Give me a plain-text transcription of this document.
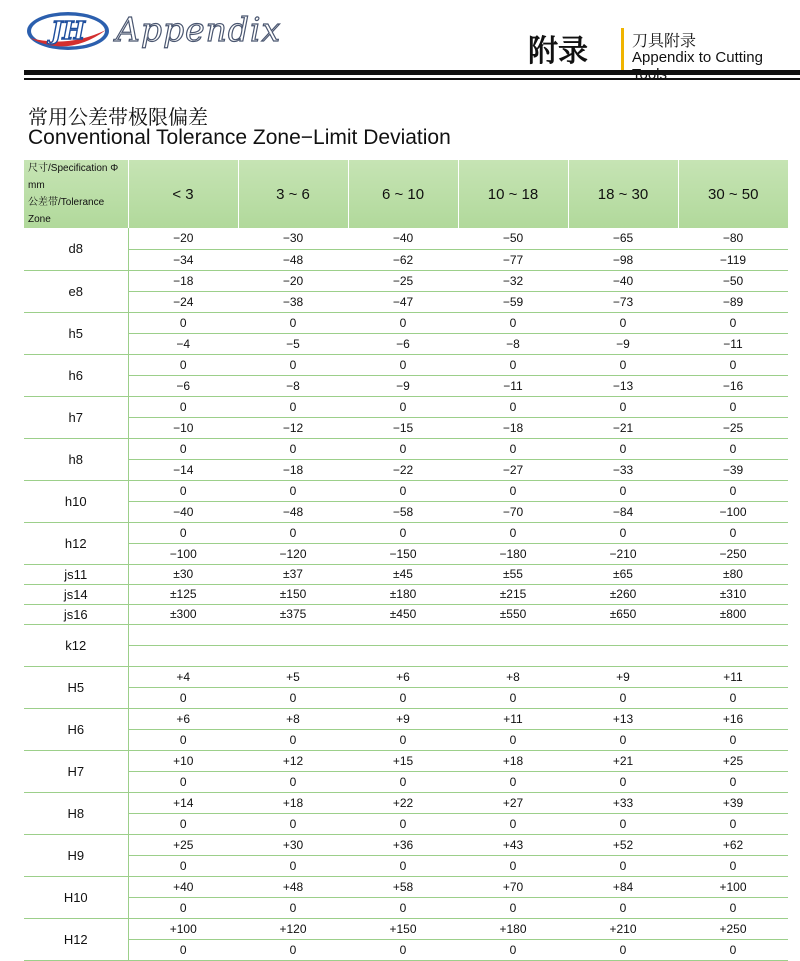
JH Appendix
附录	刀具附录
Appendix to Cutting
常用公差带极限偏差
Conventional Tolerance Zone−Limit Deviation
尺寸/Specification Φ mm
公差带/Tolerance Zone	< 3	3 ~ 6	6 ~ 10	10 ~ 18	18 ~ 30	30 ~ 50
d8	−20	−30	−40	−50	−65	−80
	−34	−48	−62	−77	−98	−119
e8	−18	−20	−25	−32	−40	−50
	−24	−38	−47	−59	−73	−89
h5	0	0	0	0	0	0
	−4	−5	−6	−8	−9	−11
h6	0	0	0	0	0	0
	−6	−8	−9	−11	−13	−16
h7	0	0	0	0	0	0
	−10	−12	−15	−18	−21	−25
h8	0	0	0	0	0	0
	−14	−18	−22	−27	−33	−39
h10	0	0	0	0	0	0
	−40	−48	−58	−70	−84	−100
h12	0	0	0	0	0	0
	−100	−120	−150	−180	−210	−250
js11	±30	±37	±45	±55	±65	±80
js14	±125	±150	±180	±215	±260	±310
js16	±300	±375	±450	±550	±650	±800
k12						

H5	+4	+5	+6	+8	+9	+11
	0	0	0	0	0	0
H6	+6	+8	+9	+11	+13	+16
	0	0	0	0	0	0
H7	+10	+12	+15	+18	+21	+25
	0	0	0	0	0	0
H8	+14	+18	+22	+27	+33	+39
	0	0	0	0	0	0
H9	+25	+30	+36	+43	+52	+62
	0	0	0	0	0	0
H10	+40	+48	+58	+70	+84	+100
	0	0	0	0	0	0
H12	+100	+120	+150	+180	+210	+250
	0	0	0	0	0	0
